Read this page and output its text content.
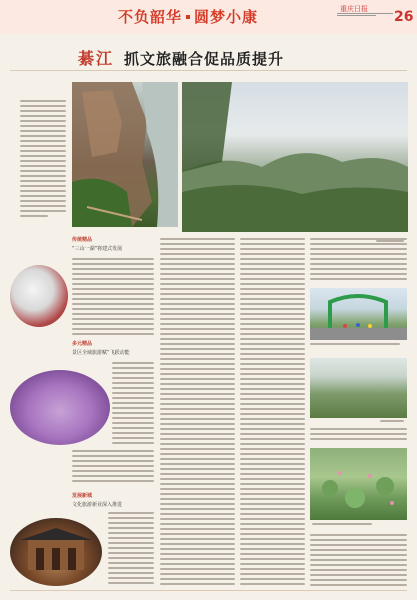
不负韶华 圆梦小康	重庆日报 26
綦江 抓文旅融合促品质提升
传统精品
“三山一湖”将建式发展
多元精品
景区全域旅游赋“飞跃动能
发展新城
文化旅游新业深入推进
